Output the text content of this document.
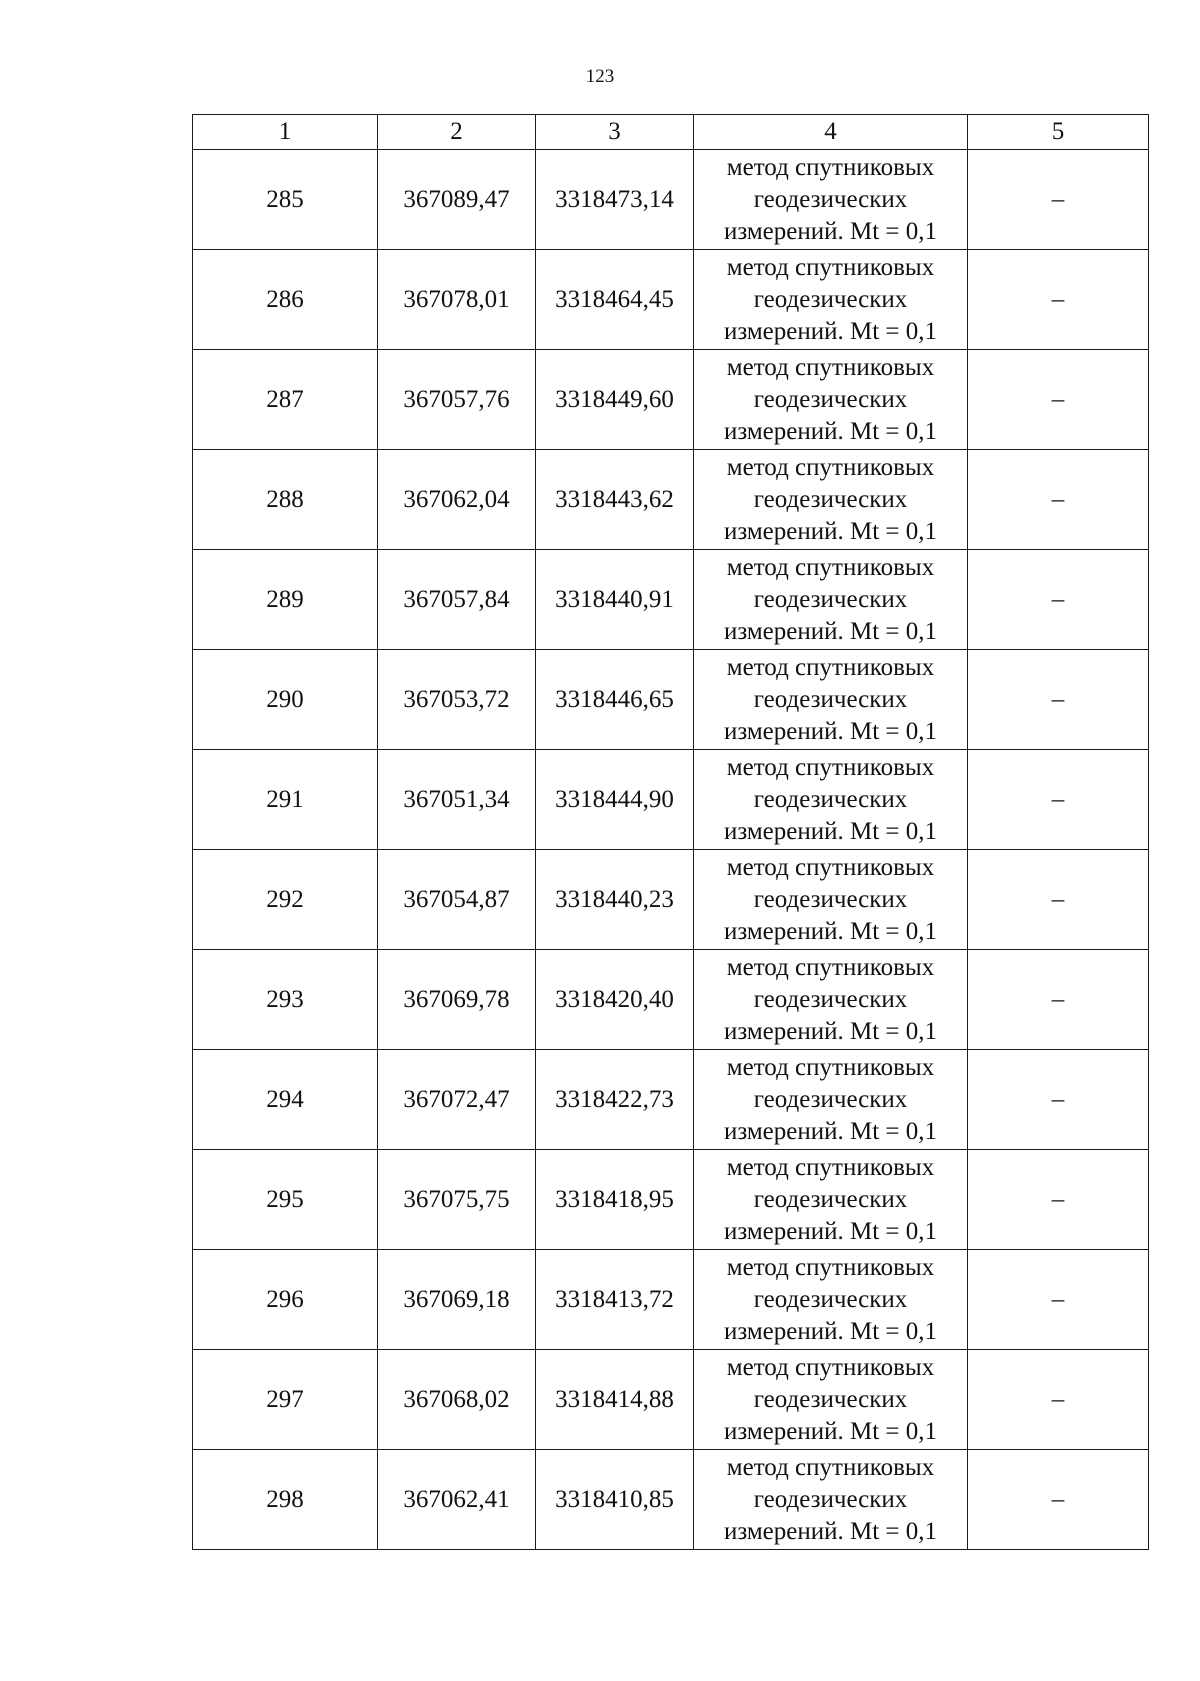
123
1	2	3	4	5
285	367089,47	3318473,14	метод спутниковых
геодезических
измерений. Mt = 0,1	–
286	367078,01	3318464,45	метод спутниковых
геодезических
измерений. Mt = 0,1	–
287	367057,76	3318449,60	метод спутниковых
геодезических
измерений. Mt = 0,1	–
288	367062,04	3318443,62	метод спутниковых
геодезических
измерений. Mt = 0,1	–
289	367057,84	3318440,91	метод спутниковых
геодезических
измерений. Mt = 0,1	–
290	367053,72	3318446,65	метод спутниковых
геодезических
измерений. Mt = 0,1	–
291	367051,34	3318444,90	метод спутниковых
геодезических
измерений. Mt = 0,1	–
292	367054,87	3318440,23	метод спутниковых
геодезических
измерений. Mt = 0,1	–
293	367069,78	3318420,40	метод спутниковых
геодезических
измерений. Mt = 0,1	–
294	367072,47	3318422,73	метод спутниковых
геодезических
измерений. Mt = 0,1	–
295	367075,75	3318418,95	метод спутниковых
геодезических
измерений. Mt = 0,1	–
296	367069,18	3318413,72	метод спутниковых
геодезических
измерений. Mt = 0,1	–
297	367068,02	3318414,88	метод спутниковых
геодезических
измерений. Mt = 0,1	–
298	367062,41	3318410,85	метод спутниковых
геодезических
измерений. Mt = 0,1	–
